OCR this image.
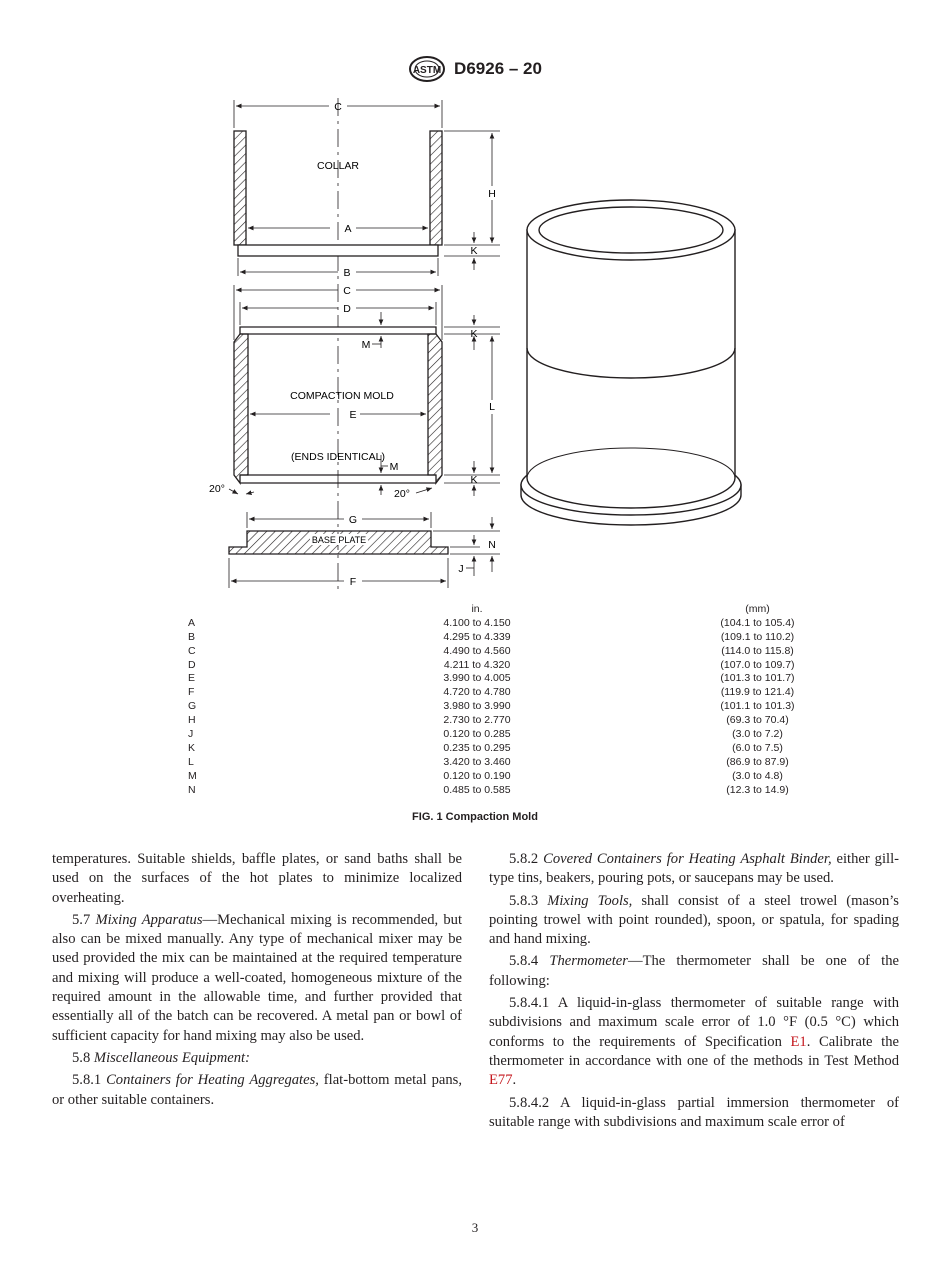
ASTM D6926 – 20
COLLAR
C
A
B
H
K
COMPACTION MOLD
(ENDS IDENTICAL)
C
D
M
E
M
K
L
K
20°	20°
BASE PLATE
G
F
N
J
in.	(mm)
A	4.100 to 4.150	(104.1 to 105.4)
B	4.295 to 4.339	(109.1 to 110.2)
C	4.490 to 4.560	(114.0 to 115.8)
D	4.211 to 4.320	(107.0 to 109.7)
E	3.990 to 4.005	(101.3 to 101.7)
F	4.720 to 4.780	(119.9 to 121.4)
G	3.980 to 3.990	(101.1 to 101.3)
H	2.730 to 2.770	(69.3 to 70.4)
J	0.120 to 0.285	(3.0 to 7.2)
K	0.235 to 0.295	(6.0 to 7.5)
L	3.420 to 3.460	(86.9 to 87.9)
M	0.120 to 0.190	(3.0 to 4.8)
N	0.485 to 0.585	(12.3 to 14.9)
FIG. 1 Compaction Mold

temperatures. Suitable shields, baffle plates, or sand baths shall be used on the surfaces of the hot plates to minimize localized overheating.

5.7 Mixing Apparatus—Mechanical mixing is recommended, but also can be mixed manually. Any type of mechanical mixer may be used provided the mix can be maintained at the required temperature and mixing will produce a well-coated, homogeneous mixture of the required amount in the allowable time, and further provided that essentially all of the batch can be recovered. A metal pan or bowl of sufficient capacity for hand mixing may also be used.

5.8 Miscellaneous Equipment:

5.8.1 Containers for Heating Aggregates, flat-bottom metal pans, or other suitable containers.

5.8.2 Covered Containers for Heating Asphalt Binder, either gill-type tins, beakers, pouring pots, or saucepans may be used.

5.8.3 Mixing Tools, shall consist of a steel trowel (mason’s pointing trowel with point rounded), spoon, or spatula, for spading and hand mixing.

5.8.4 Thermometer—The thermometer shall be one of the following:

5.8.4.1 A liquid-in-glass thermometer of suitable range with subdivisions and maximum scale error of 1.0 °F (0.5 °C) which conforms to the requirements of Specification E1. Calibrate the thermometer in accordance with one of the methods in Test Method E77.

5.8.4.2 A liquid-in-glass partial immersion thermometer of suitable range with subdivisions and maximum scale error of

3
